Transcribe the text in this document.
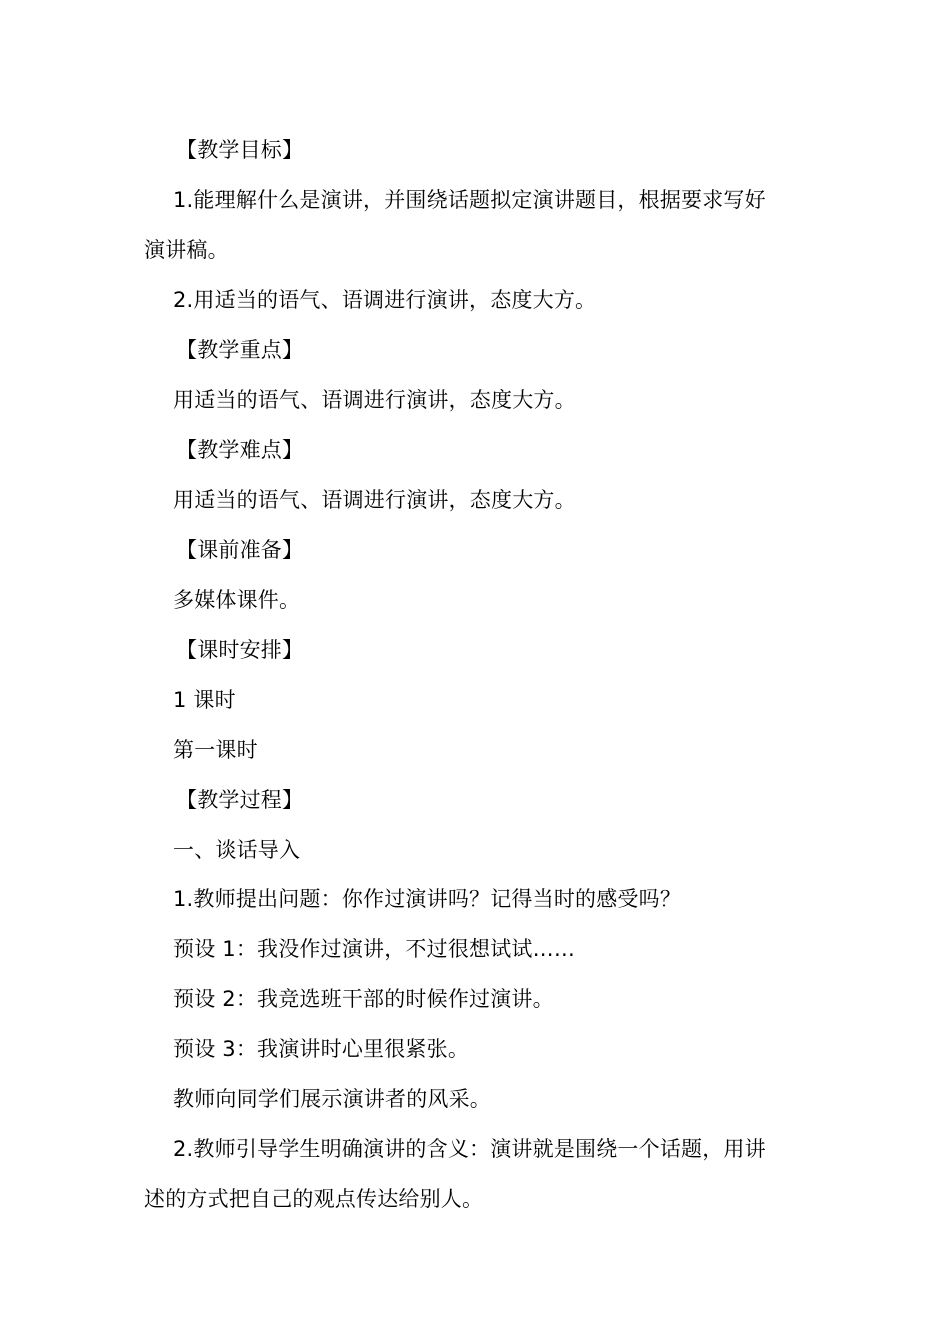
【教学目标】
1.能理解什么是演讲，并围绕话题拟定演讲题目，根据要求写好
演讲稿。
2.用适当的语气、语调进行演讲，态度大方。
【教学重点】
用适当的语气、语调进行演讲，态度大方。
【教学难点】
用适当的语气、语调进行演讲，态度大方。
【课前准备】
多媒体课件。
【课时安排】
1 课时
第一课时
【教学过程】
一、谈话导入
1.教师提出问题：你作过演讲吗？记得当时的感受吗？
预设 1：我没作过演讲，不过很想试试……
预设 2：我竞选班干部的时候作过演讲。
预设 3：我演讲时心里很紧张。
教师向同学们展示演讲者的风采。
2.教师引导学生明确演讲的含义：演讲就是围绕一个话题，用讲
述的方式把自己的观点传达给别人。
